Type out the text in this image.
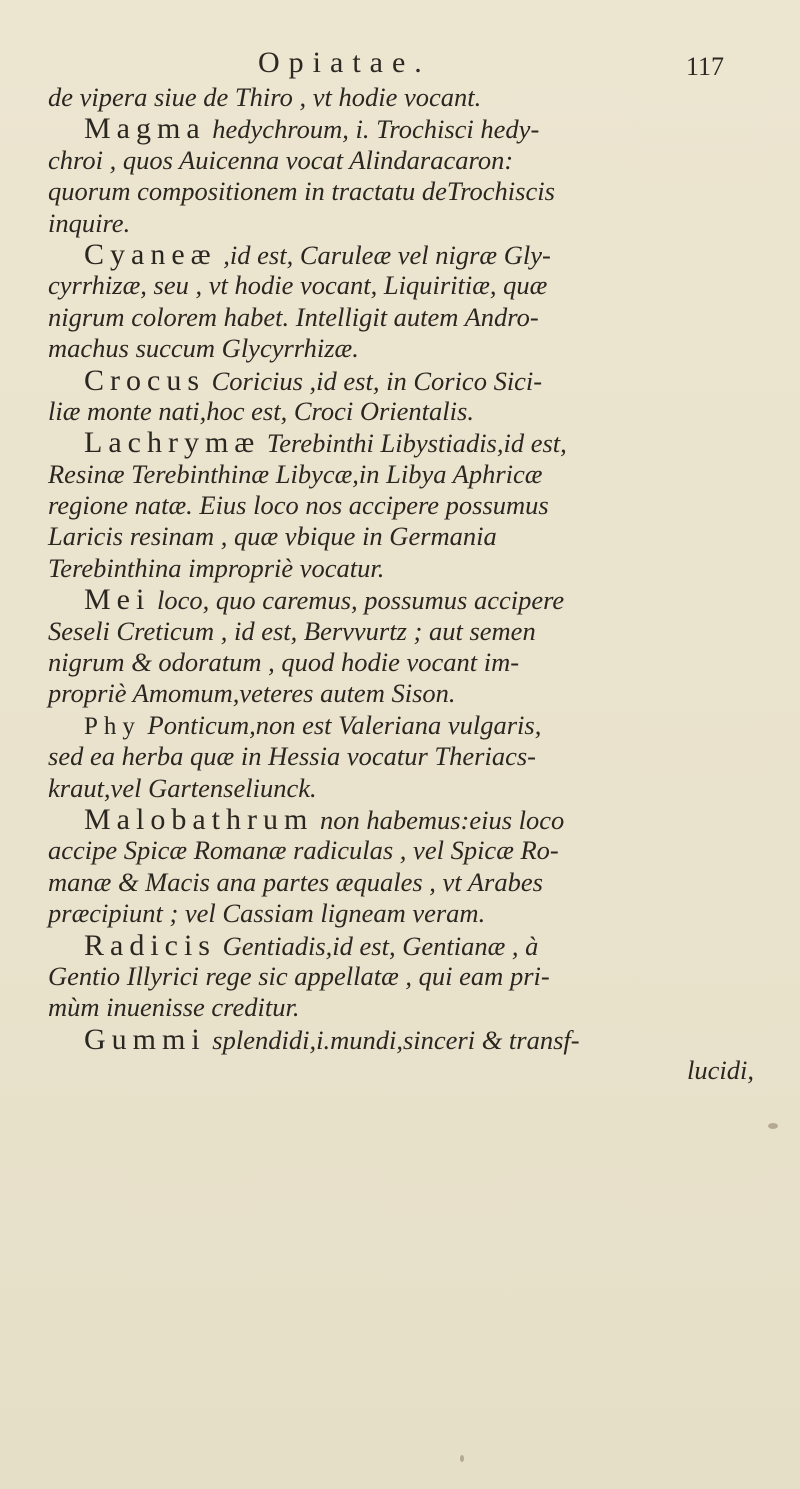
Opiatae.	117
de vipera siue de Thiro , vt hodie vocant.
Magma hedychroum, i. Trochisci hedy-
chroi , quos Auicenna vocat Alindaracaron:
quorum compositionem in tractatu deTrochiscis
inquire.
Cyaneæ ,id est, Caruleæ vel nigræ Gly-
cyrrhizæ, seu , vt hodie vocant, Liquiritiæ, quæ
nigrum colorem habet. Intelligit autem Andro-
machus succum Glycyrrhizæ.
Crocus Coricius ,id est, in Corico Sici-
liæ monte nati,hoc est, Croci Orientalis.
Lachrymæ Terebinthi Libystiadis,id est,
Resinæ Terebinthinæ Libycæ,in Libya Aphricæ
regione natæ. Eius loco nos accipere possumus
Laricis resinam , quæ vbique in Germania
Terebinthina impropriè vocatur.
Mei loco, quo caremus, possumus accipere
Seseli Creticum , id est, Bervvurtz ; aut semen
nigrum & odoratum , quod hodie vocant im-
propriè Amomum,veteres autem Sison.
Phy Ponticum,non est Valeriana vulgaris,
sed ea herba quæ in Hessia vocatur Theriacs-
kraut,vel Gartenseliunck.
Malobathrum non habemus:eius loco
accipe Spicæ Romanæ radiculas , vel Spicæ Ro-
manæ & Macis ana partes æquales , vt Arabes
præcipiunt ; vel Cassiam ligneam veram.
Radicis Gentiadis,id est, Gentianæ , à
Gentio Illyrici rege sic appellatæ , qui eam pri-
mùm inuenisse creditur.
Gummi splendidi,i.mundi,sinceri & transf-
lucidi,
